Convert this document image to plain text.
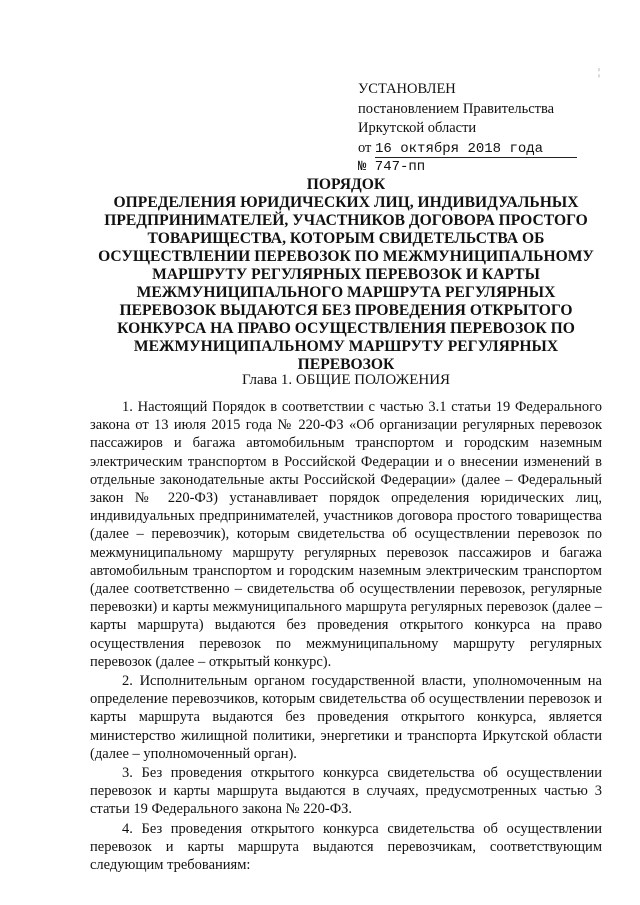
¦
УСТАНОВЛЕН
постановлением Правительства
Иркутской области
от 16 октября 2018 года
№ 747-пп
ПОРЯДОК
ОПРЕДЕЛЕНИЯ ЮРИДИЧЕСКИХ ЛИЦ, ИНДИВИДУАЛЬНЫХ ПРЕДПРИНИМАТЕЛЕЙ, УЧАСТНИКОВ ДОГОВОРА ПРОСТОГО ТОВАРИЩЕСТВА, КОТОРЫМ СВИДЕТЕЛЬСТВА ОБ ОСУЩЕСТВЛЕНИИ ПЕРЕВОЗОК ПО МЕЖМУНИЦИПАЛЬНОМУ МАРШРУТУ РЕГУЛЯРНЫХ ПЕРЕВОЗОК И КАРТЫ МЕЖМУНИЦИПАЛЬНОГО МАРШРУТА РЕГУЛЯРНЫХ ПЕРЕВОЗОК ВЫДАЮТСЯ БЕЗ ПРОВЕДЕНИЯ ОТКРЫТОГО КОНКУРСА НА ПРАВО ОСУЩЕСТВЛЕНИЯ ПЕРЕВОЗОК ПО МЕЖМУНИЦИПАЛЬНОМУ МАРШРУТУ РЕГУЛЯРНЫХ ПЕРЕВОЗОК
Глава 1. ОБЩИЕ ПОЛОЖЕНИЯ

1. Настоящий Порядок в соответствии с частью 3.1 статьи 19 Федерального закона от 13 июля 2015 года № 220-ФЗ «Об организации регулярных перевозок пассажиров и багажа автомобильным транспортом и городским наземным электрическим транспортом в Российской Федерации и о внесении изменений в отдельные законодательные акты Российской Федерации» (далее – Федеральный закон № 220-ФЗ) устанавливает порядок определения юридических лиц, индивидуальных предпринимателей, участников договора простого товарищества (далее – перевозчик), которым свидетельства об осуществлении перевозок по межмуниципальному маршруту регулярных перевозок пассажиров и багажа автомобильным транспортом и городским наземным электрическим транспортом (далее соответственно – свидетельства об осуществлении перевозок, регулярные перевозки) и карты межмуниципального маршрута регулярных перевозок (далее – карты маршрута) выдаются без проведения открытого конкурса на право осуществления перевозок по межмуниципальному маршруту регулярных перевозок (далее – открытый конкурс).

2. Исполнительным органом государственной власти, уполномоченным на определение перевозчиков, которым свидетельства об осуществлении перевозок и карты маршрута выдаются без проведения открытого конкурса, является министерство жилищной политики, энергетики и транспорта Иркутской области (далее – уполномоченный орган).

3. Без проведения открытого конкурса свидетельства об осуществлении перевозок и карты маршрута выдаются в случаях, предусмотренных частью 3 статьи 19 Федерального закона № 220-ФЗ.

4. Без проведения открытого конкурса свидетельства об осуществлении перевозок и карты маршрута выдаются перевозчикам, соответствующим следующим требованиям:
